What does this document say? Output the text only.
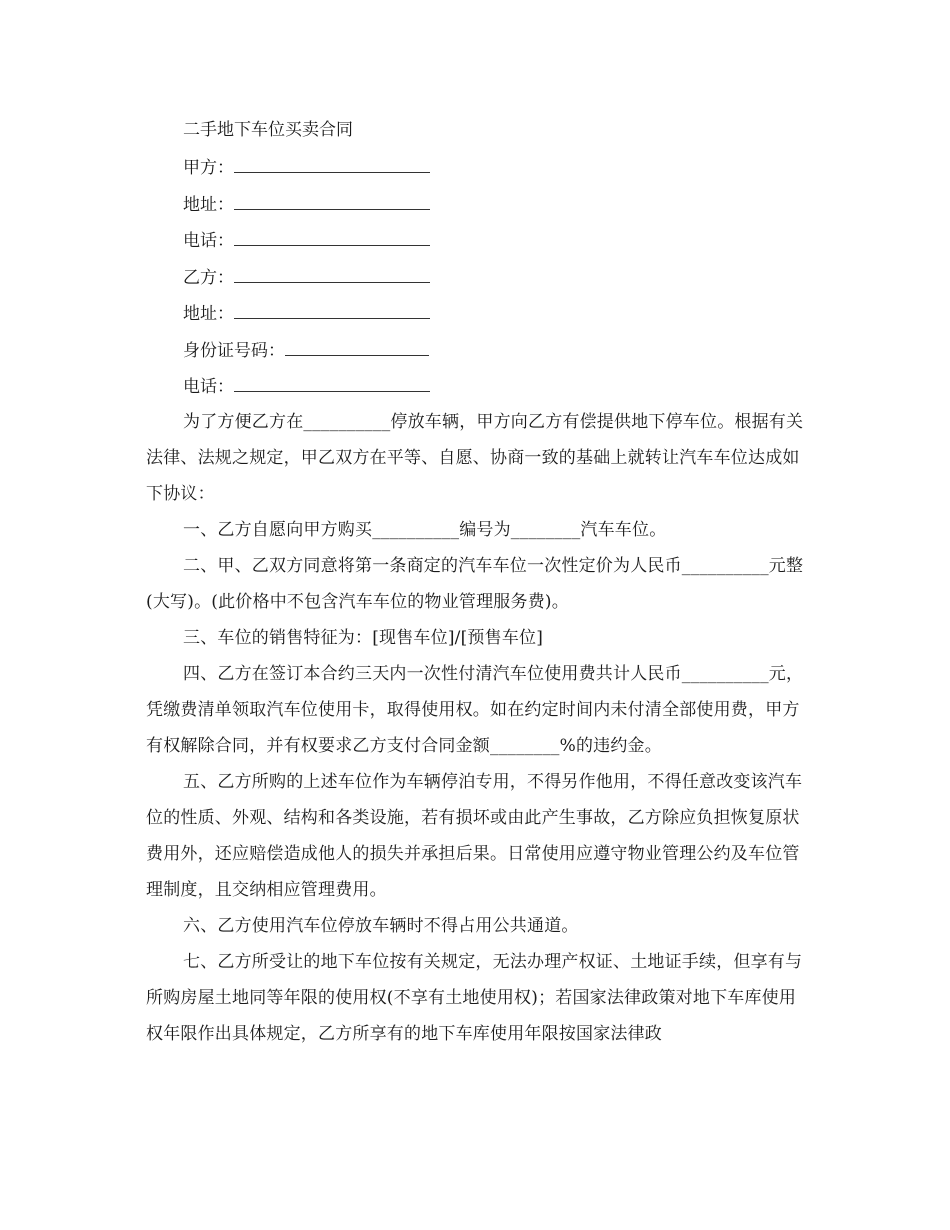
二手地下车位买卖合同
甲方：
地址：
电话：
乙方：
地址：
身份证号码：
电话：

为了方便乙方在__________停放车辆，甲方向乙方有偿提供地下停车位。根据有关法律、法规之规定，甲乙双方在平等、自愿、协商一致的基础上就转让汽车车位达成如下协议：

一、乙方自愿向甲方购买__________编号为________汽车车位。

二、甲、乙双方同意将第一条商定的汽车车位一次性定价为人民币__________元整(大写)。(此价格中不包含汽车车位的物业管理服务费)。

三、车位的销售特征为：[现售车位]/[预售车位]

四、乙方在签订本合约三天内一次性付清汽车位使用费共计人民币__________元，凭缴费清单领取汽车位使用卡，取得使用权。如在约定时间内未付清全部使用费，甲方有权解除合同，并有权要求乙方支付合同金额________%的违约金。

五、乙方所购的上述车位作为车辆停泊专用，不得另作他用，不得任意改变该汽车位的性质、外观、结构和各类设施，若有损坏或由此产生事故，乙方除应负担恢复原状费用外，还应赔偿造成他人的损失并承担后果。日常使用应遵守物业管理公约及车位管理制度，且交纳相应管理费用。

六、乙方使用汽车位停放车辆时不得占用公共通道。

七、乙方所受让的地下车位按有关规定，无法办理产权证、土地证手续，但享有与所购房屋土地同等年限的使用权(不享有土地使用权)；若国家法律政策对地下车库使用权年限作出具体规定，乙方所享有的地下车库使用年限按国家法律政
